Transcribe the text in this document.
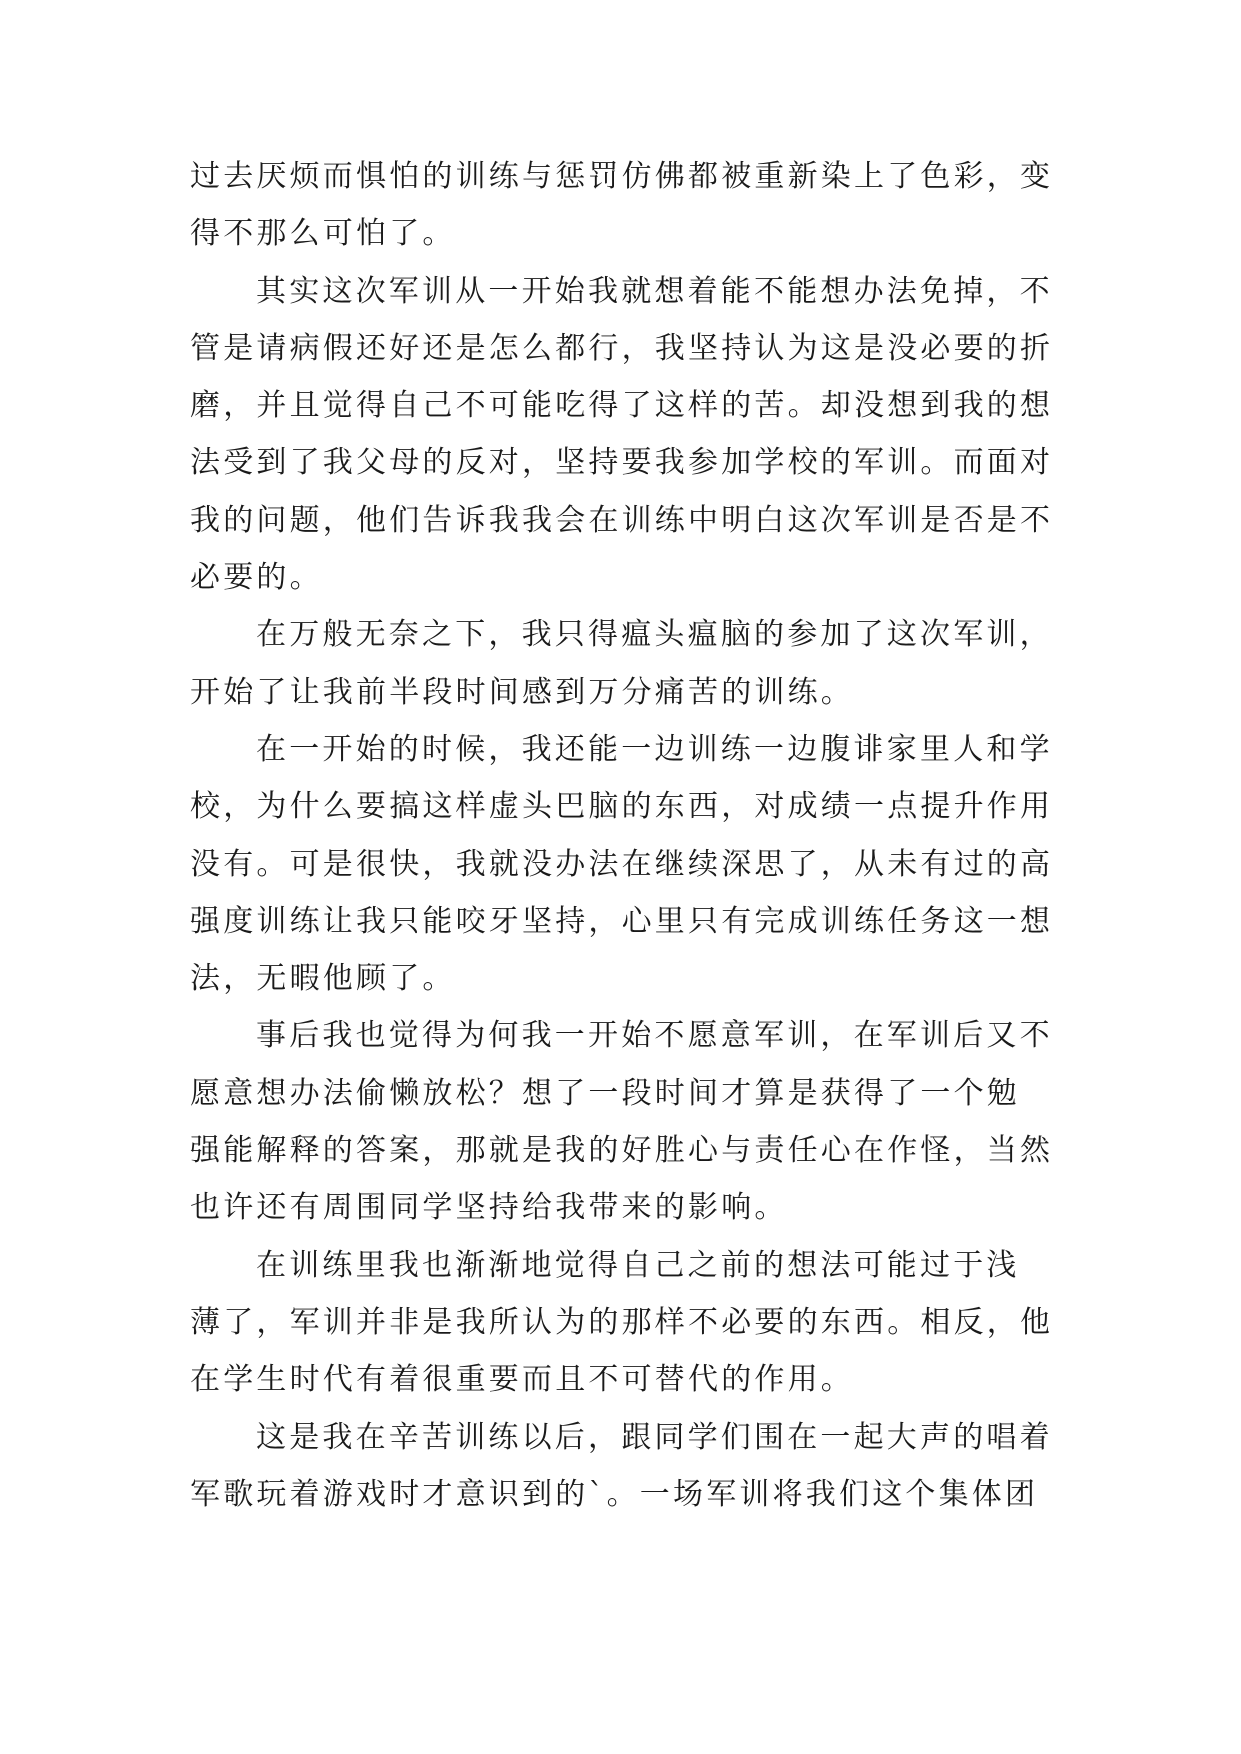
过去厌烦而惧怕的训练与惩罚仿佛都被重新染上了色彩，变
得不那么可怕了。
其实这次军训从一开始我就想着能不能想办法免掉，不
管是请病假还好还是怎么都行，我坚持认为这是没必要的折
磨，并且觉得自己不可能吃得了这样的苦。却没想到我的想
法受到了我父母的反对，坚持要我参加学校的军训。而面对
我的问题，他们告诉我我会在训练中明白这次军训是否是不
必要的。
在万般无奈之下，我只得瘟头瘟脑的参加了这次军训，
开始了让我前半段时间感到万分痛苦的训练。
在一开始的时候，我还能一边训练一边腹诽家里人和学
校，为什么要搞这样虚头巴脑的东西，对成绩一点提升作用
没有。可是很快，我就没办法在继续深思了，从未有过的高
强度训练让我只能咬牙坚持，心里只有完成训练任务这一想
法，无暇他顾了。
事后我也觉得为何我一开始不愿意军训，在军训后又不
愿意想办法偷懒放松？想了一段时间才算是获得了一个勉
强能解释的答案，那就是我的好胜心与责任心在作怪，当然
也许还有周围同学坚持给我带来的影响。
在训练里我也渐渐地觉得自己之前的想法可能过于浅
薄了，军训并非是我所认为的那样不必要的东西。相反，他
在学生时代有着很重要而且不可替代的作用。
这是我在辛苦训练以后，跟同学们围在一起大声的唱着
军歌玩着游戏时才意识到的`。一场军训将我们这个集体团
